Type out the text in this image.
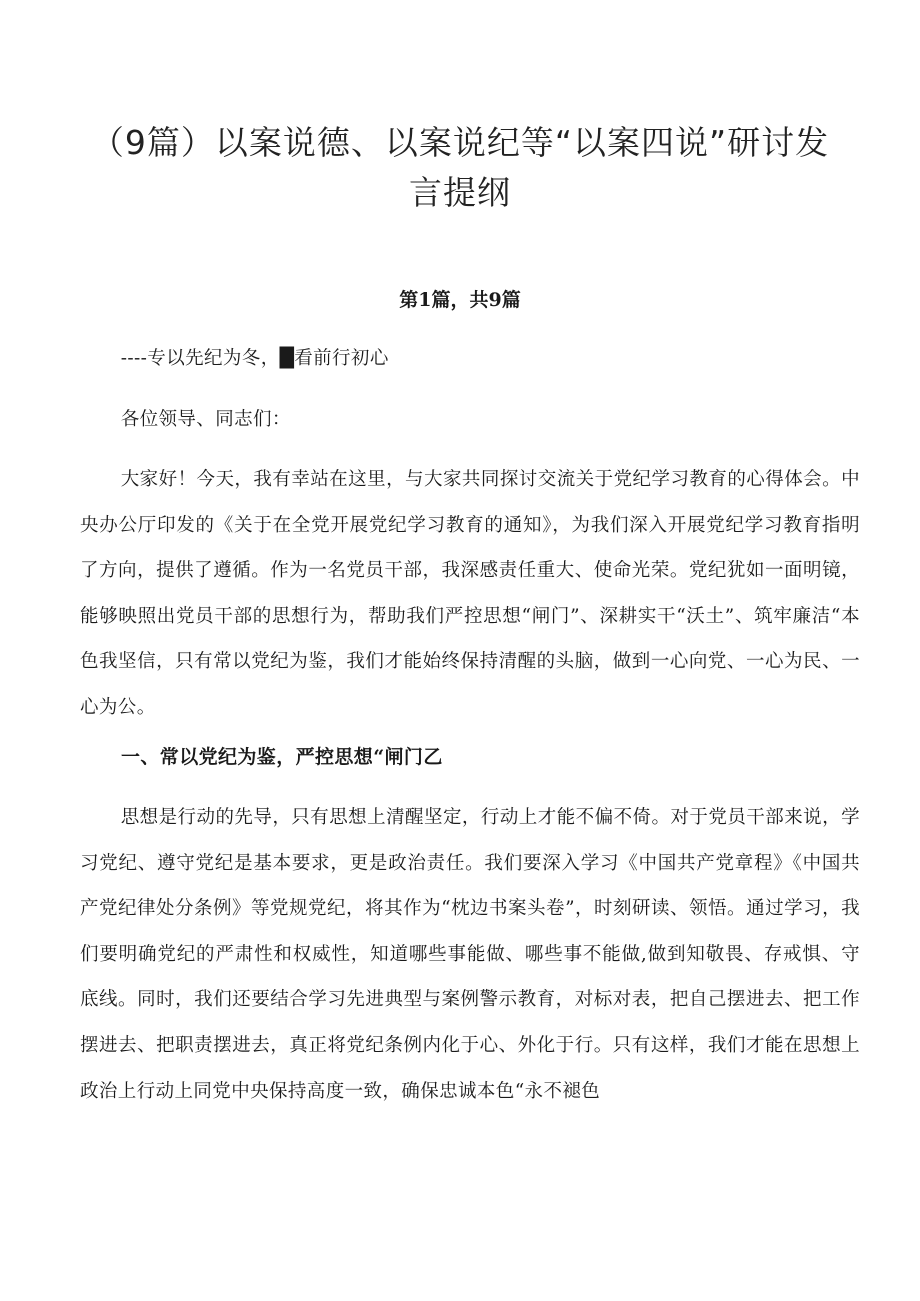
（9篇）以案说德、以案说纪等“以案四说”研讨发言提纲
第1篇，共9篇

----专以先纪为冬，█看前行初心

各位领导、同志们：

大家好！今天，我有幸站在这里，与大家共同探讨交流关于党纪学习教育的心得体会。中央办公厅印发的《关于在全党开展党纪学习教育的通知》，为我们深入开展党纪学习教育指明了方向，提供了遵循。作为一名党员干部，我深感责任重大、使命光荣。党纪犹如一面明镜，能够映照出党员干部的思想行为，帮助我们严控思想“闸门”、深耕实干“沃土”、筑牢廉洁“本色我坚信，只有常以党纪为鉴，我们才能始终保持清醒的头脑，做到一心向党、一心为民、一心为公。

一、常以党纪为鉴，严控思想“闸门乙

思想是行动的先导，只有思想上清醒坚定，行动上才能不偏不倚。对于党员干部来说，学习党纪、遵守党纪是基本要求，更是政治责任。我们要深入学习《中国共产党章程》《中国共产党纪律处分条例》等党规党纪，将其作为“枕边书案头卷”，时刻研读、领悟。通过学习，我们要明确党纪的严肃性和权威性，知道哪些事能做、哪些事不能做,做到知敬畏、存戒惧、守底线。同时，我们还要结合学习先进典型与案例警示教育，对标对表，把自己摆进去、把工作摆进去、把职责摆进去，真正将党纪条例内化于心、外化于行。只有这样，我们才能在思想上政治上行动上同党中央保持高度一致，确保忠诚本色“永不褪色
